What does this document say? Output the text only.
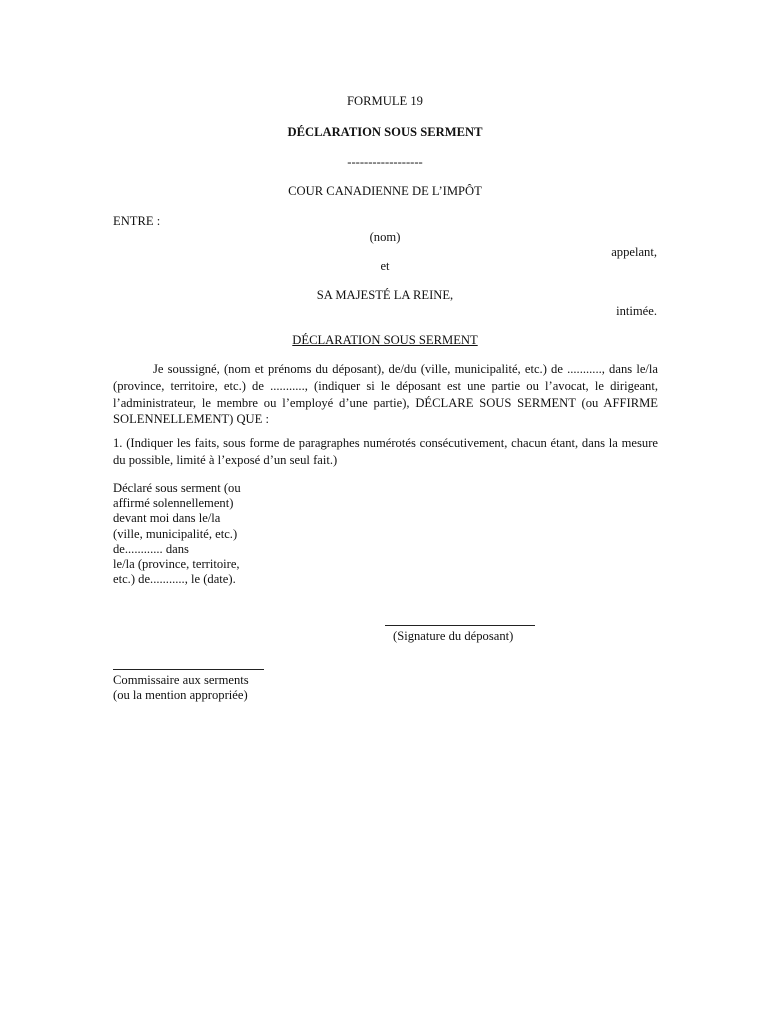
FORMULE 19
DÉCLARATION SOUS SERMENT
------------------
COUR CANADIENNE DE L’IMPÔT
ENTRE :
(nom)
appelant,
et
SA MAJESTÉ LA REINE,
intimée.
DÉCLARATION SOUS SERMENT
Je soussigné, (nom et prénoms du déposant), de/du (ville, municipalité, etc.) de ..........., dans le/la (province, territoire, etc.) de ..........., (indiquer si le déposant est une partie ou l’avocat, le dirigeant, l’administrateur, le membre ou l’employé d’une partie), DÉCLARE SOUS SERMENT (ou AFFIRME SOLENNELLEMENT) QUE :
1. (Indiquer les faits, sous forme de paragraphes numérotés consécutivement, chacun étant, dans la mesure du possible, limité à l’exposé d’un seul fait.)
Déclaré sous serment (ou
affirmé solennellement)
devant moi dans le/la
(ville, municipalité, etc.)
de............ dans
le/la (province, territoire,
etc.) de..........., le (date).
(Signature du déposant)
Commissaire aux serments
(ou la mention appropriée)
